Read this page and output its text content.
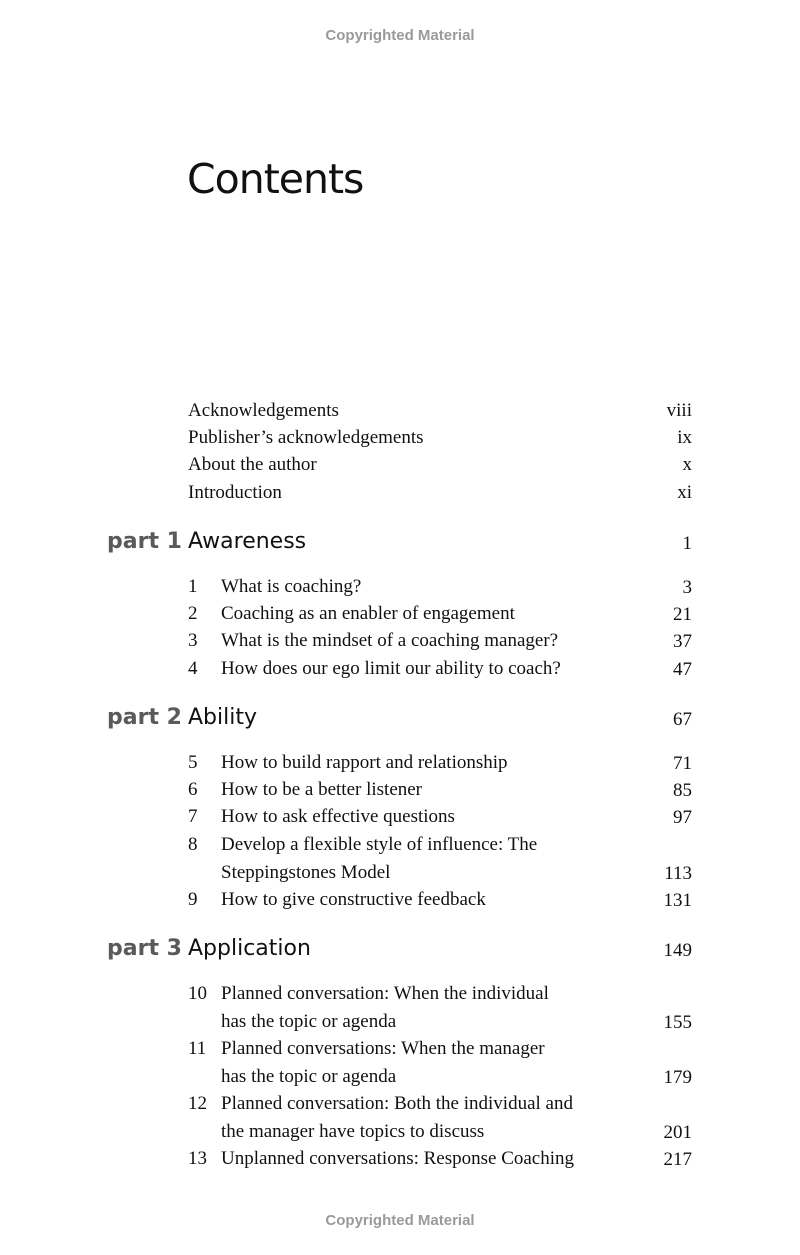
Copyrighted Material
Contents
Acknowledgements	viii
Publisher’s acknowledgements	ix
About the author	x
Introduction	xi
part 1 Awareness	1
1 What is coaching?	3
2 Coaching as an enabler of engagement	21
3 What is the mindset of a coaching manager?	37
4 How does our ego limit our ability to coach?	47
part 2 Ability	67
5 How to build rapport and relationship	71
6 How to be a better listener	85
7 How to ask effective questions	97
8 Develop a flexible style of influence: The
Steppingstones Model	113
9 How to give constructive feedback	131
part 3 Application	149
10 Planned conversation: When the individual
has the topic or agenda	155
11 Planned conversations: When the manager
has the topic or agenda	179
12 Planned conversation: Both the individual and
the manager have topics to discuss	201
13 Unplanned conversations: Response Coaching	217
Copyrighted Material
